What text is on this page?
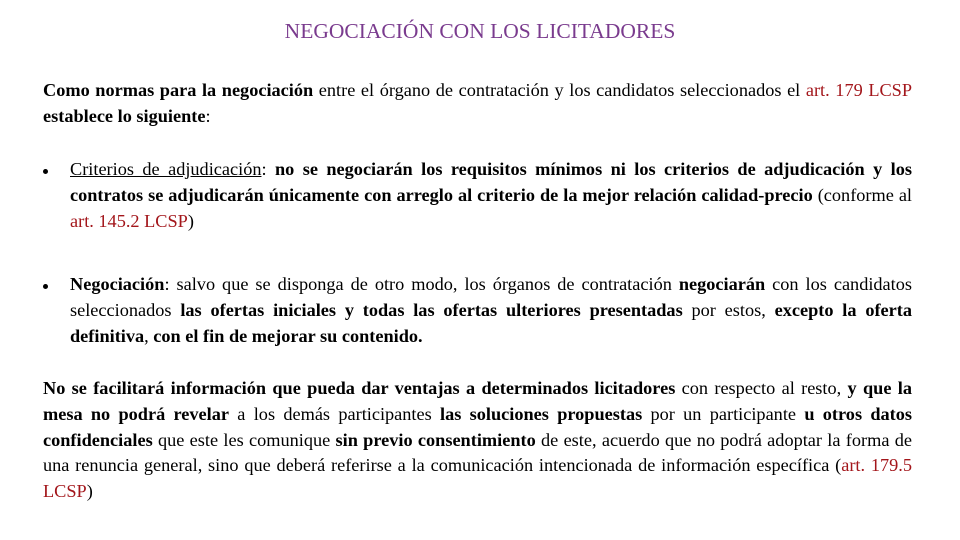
NEGOCIACIÓN CON LOS LICITADORES

Como normas para la negociación entre el órgano de contratación y los candidatos seleccionados el art. 179 LCSP establece lo siguiente:

Criterios de adjudicación: no se negociarán los requisitos mínimos ni los criterios de adjudicación y los contratos se adjudicarán únicamente con arreglo al criterio de la mejor relación calidad-precio (conforme al art. 145.2 LCSP)
Negociación: salvo que se disponga de otro modo, los órganos de contratación negociarán con los candidatos seleccionados las ofertas iniciales y todas las ofertas ulteriores presentadas por estos, excepto la oferta definitiva, con el fin de mejorar su contenido.

No se facilitará información que pueda dar ventajas a determinados licitadores con respecto al resto, y que la mesa no podrá revelar a los demás participantes las soluciones propuestas por un participante u otros datos confidenciales que este les comunique sin previo consentimiento de este, acuerdo que no podrá adoptar la forma de una renuncia general, sino que deberá referirse a la comunicación intencionada de información específica (art. 179.5 LCSP)
